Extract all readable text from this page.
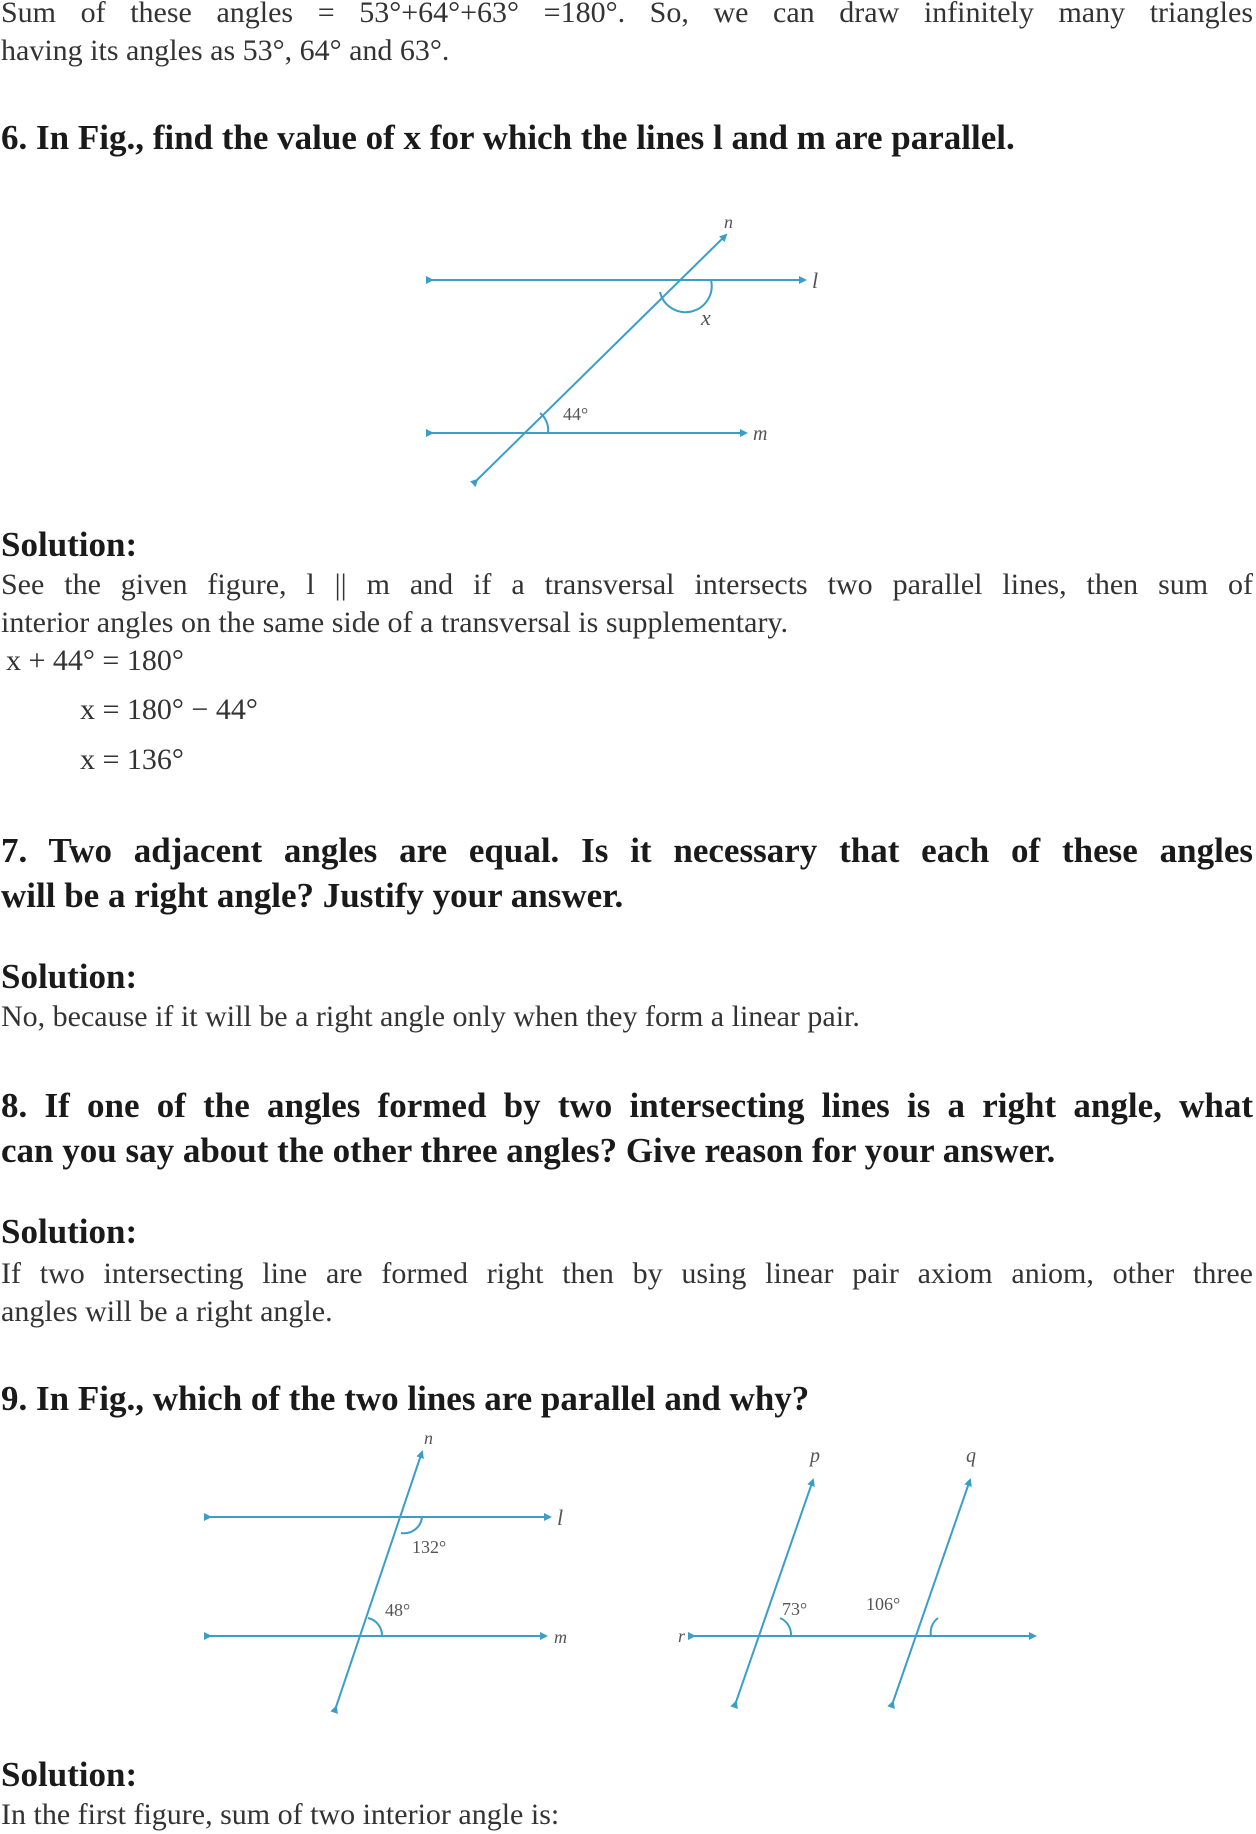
Sum of these angles = 53°+64°+63° =180°. So, we can draw infinitely many triangles
having its angles as 53°, 64° and 63°.
6. In Fig., find the value of x for which the lines l and m are parallel.
n
l
m
x
44°
Solution:
See the given figure, l || m and if a transversal intersects two parallel lines, then sum of
interior angles on the same side of a transversal is supplementary.
x + 44° = 180°
x = 180° − 44°
x = 136°
7. Two adjacent angles are equal. Is it necessary that each of these angles
will be a right angle? Justify your answer.
Solution:
No, because if it will be a right angle only when they form a linear pair.
8. If one of the angles formed by two intersecting lines is a right angle, what
can you say about the other three angles? Give reason for your answer.
Solution:
If two intersecting line are formed right then by using linear pair axiom aniom, other three
angles will be a right angle.
9. In Fig., which of the two lines are parallel and why?
n
l
m
132°
48°
p	q
r
73°	106°
Solution:
In the first figure, sum of two interior angle is:
